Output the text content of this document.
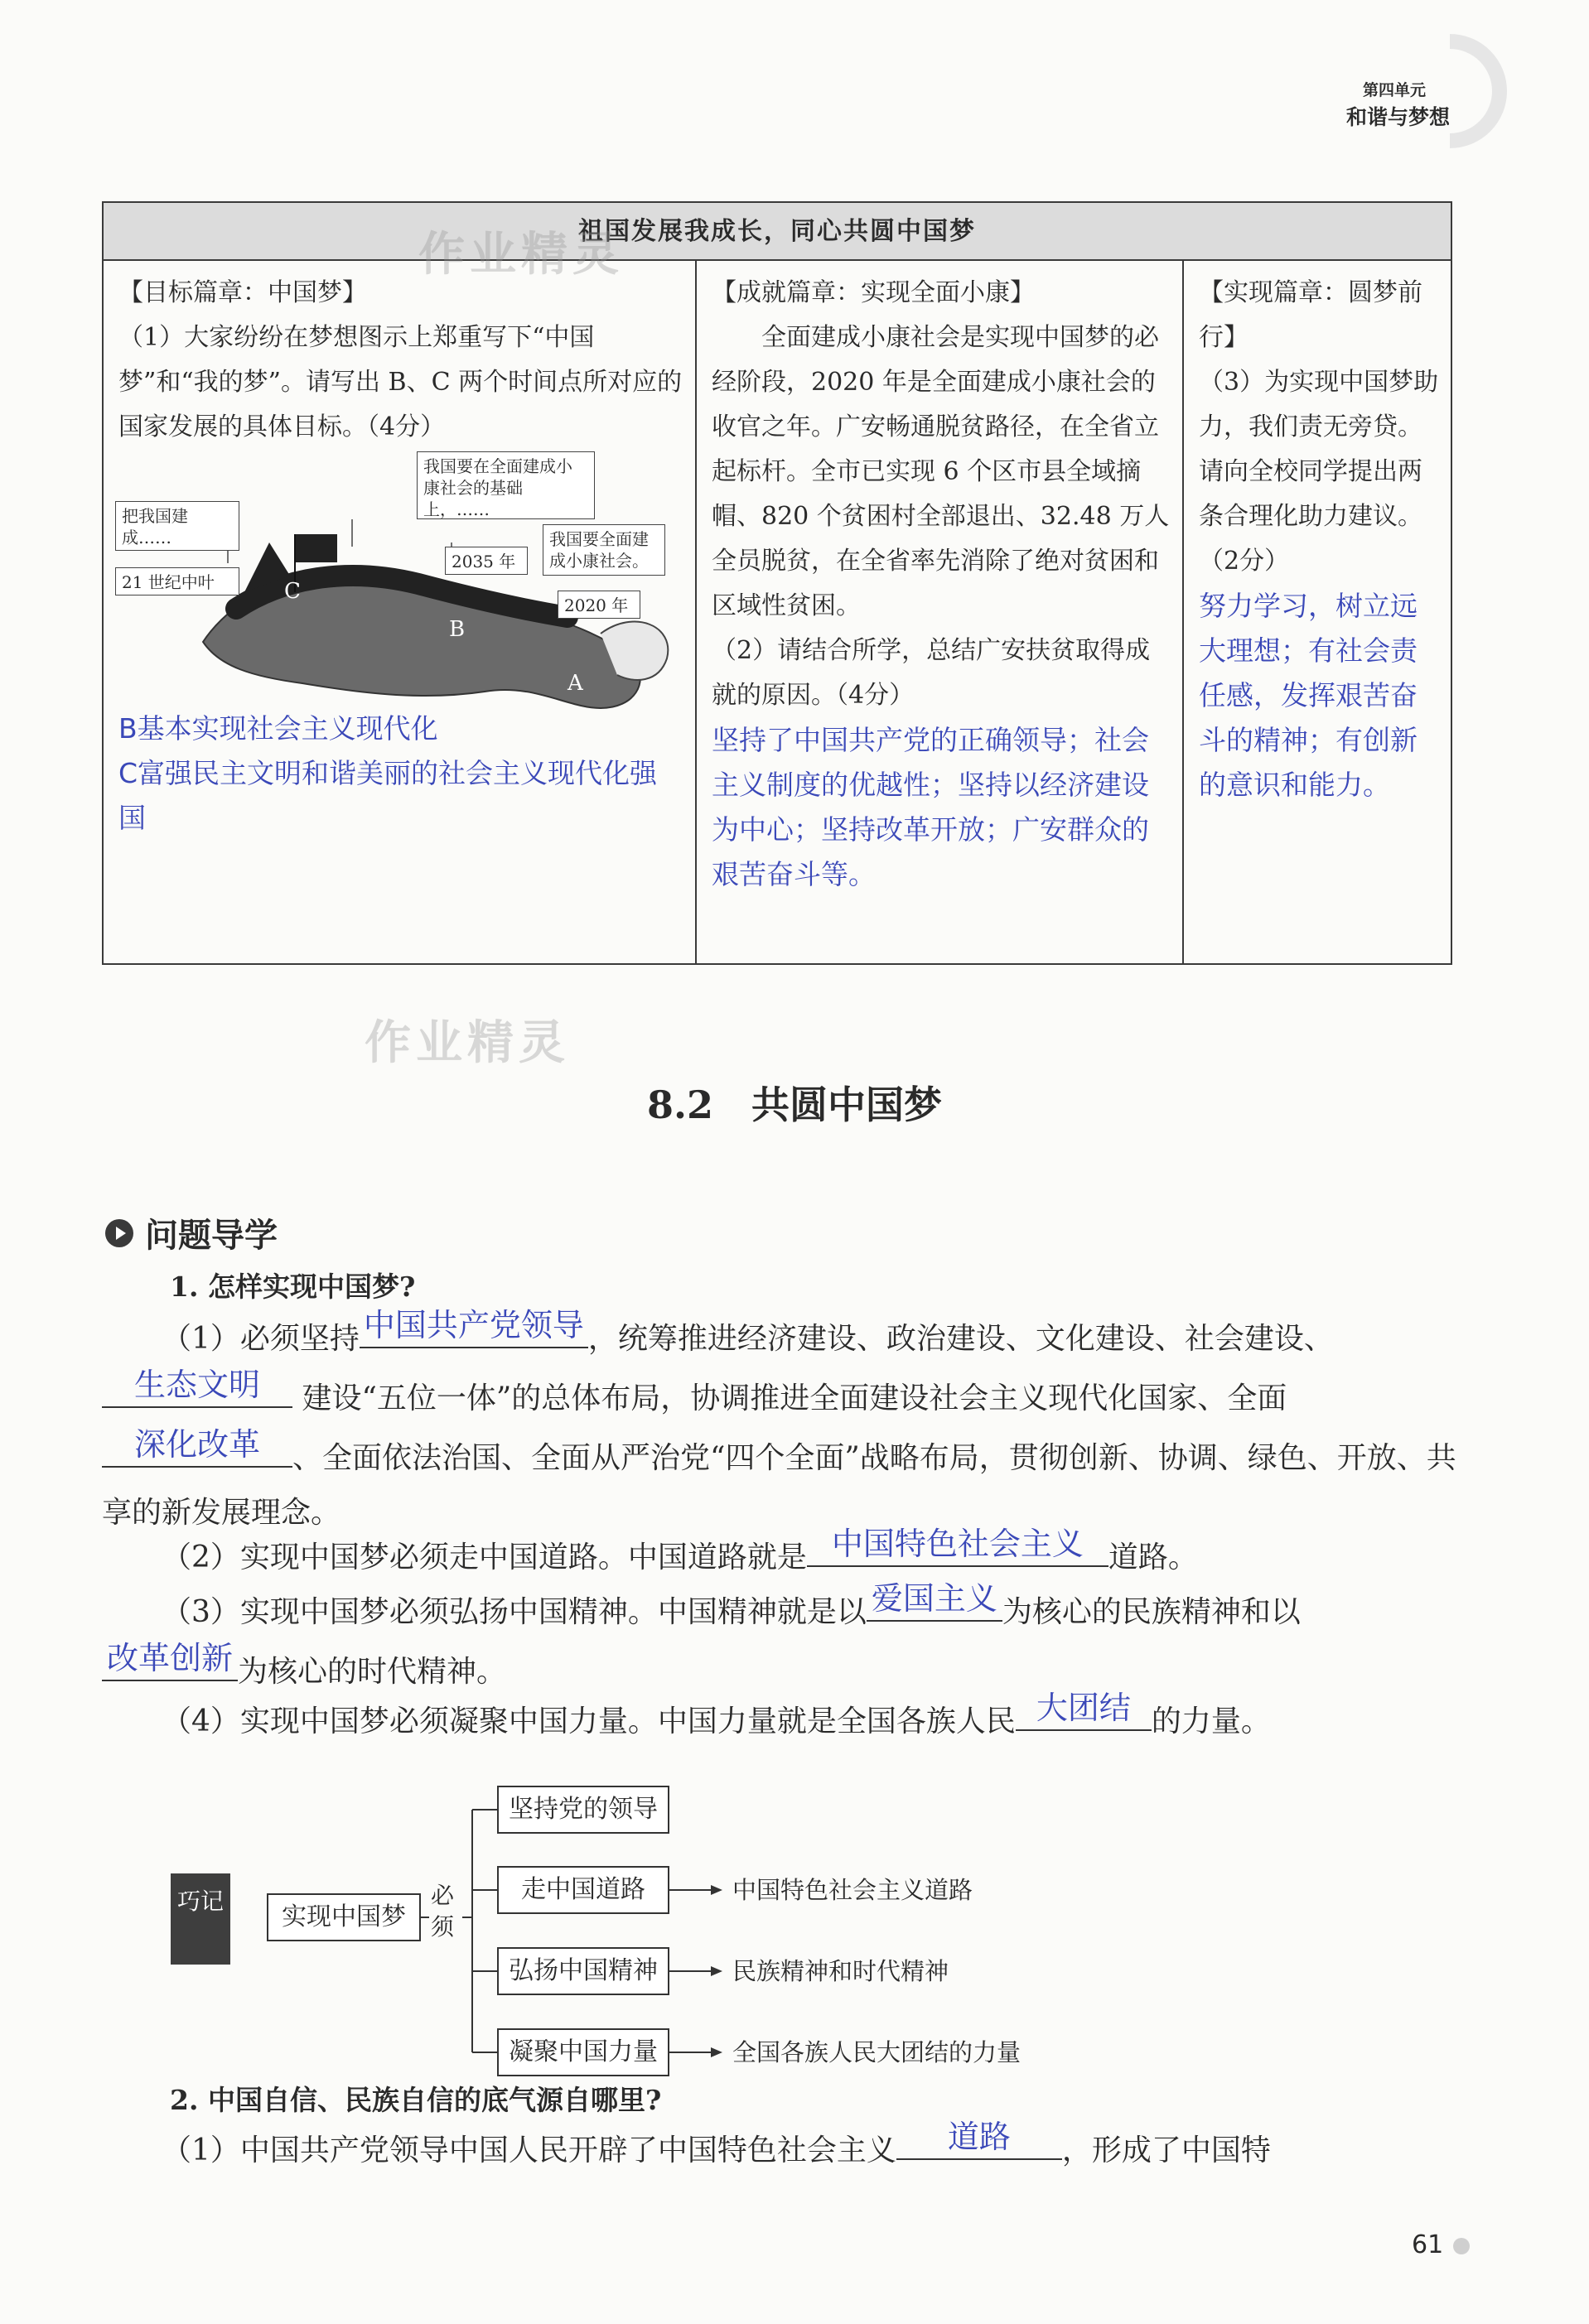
第四单元
和谐与梦想
祖国发展我成长，同心共圆中国梦
【目标篇章：中国梦】
（1）大家纷纷在梦想图示上郑重写下“中国梦”和“我的梦”。请写出 B、C 两个时间点所对应的国家发展的具体目标。（4分）
B基本实现社会主义现代化
C富强民主文明和谐美丽的社会主义现代化强国
把我国建成……
21 世纪中叶
我国要在全面建成小康社会的基础上，……
2035 年
我国要全面建成小康社会。
2020 年
A
B
C
【成就篇章：实现全面小康】
全面建成小康社会是实现中国梦的必经阶段，2020 年是全面建成小康社会的收官之年。广安畅通脱贫路径，在全省立起标杆。全市已实现 6 个区市县全域摘帽、820 个贫困村全部退出、32.48 万人全员脱贫，在全省率先消除了绝对贫困和区域性贫困。
（2）请结合所学，总结广安扶贫取得成就的原因。（4分）
坚持了中国共产党的正确领导；社会主义制度的优越性；坚持以经济建设为中心；坚持改革开放；广安群众的艰苦奋斗等。
【实现篇章：圆梦前行】
（3）为实现中国梦助力，我们责无旁贷。请向全校同学提出两条合理化助力建议。（2分）
努力学习，树立远大理想；有社会责任感，发挥艰苦奋斗的精神；有创新的意识和能力。
作业精灵
作业精灵
8.2　共圆中国梦
问题导学
1. 怎样实现中国梦?
（1）必须坚持 中国共产党领导 ，统筹推进经济建设、政治建设、文化建设、社会建设、

生态文明	建设“五位一体”的总体布局，协调推进全面建设社会主义现代化国家、全面
深化改革	、全面依法治国、全面从严治党“四个全面”战略布局，贯彻创新、协调、绿色、开放、共享的新发展理念。
（2）实现中国梦必须走中国道路。中国道路就是 中国特色社会主义 道路。
（3）实现中国梦必须弘扬中国精神。中国精神就是以 爱国主义 为核心的民族精神和以

改革创新 为核心的时代精神。
（4）实现中国梦必须凝聚中国力量。中国力量就是全国各族人民 大团结 的力量。
巧记
实现中国梦
必须
坚持党的领导
走中国道路
弘扬中国精神
凝聚中国力量
中国特色社会主义道路
民族精神和时代精神
全国各族人民大团结的力量
2. 中国自信、民族自信的底气源自哪里?
（1）中国共产党领导中国人民开辟了中国特色社会主义	道路	，形成了中国特
61
